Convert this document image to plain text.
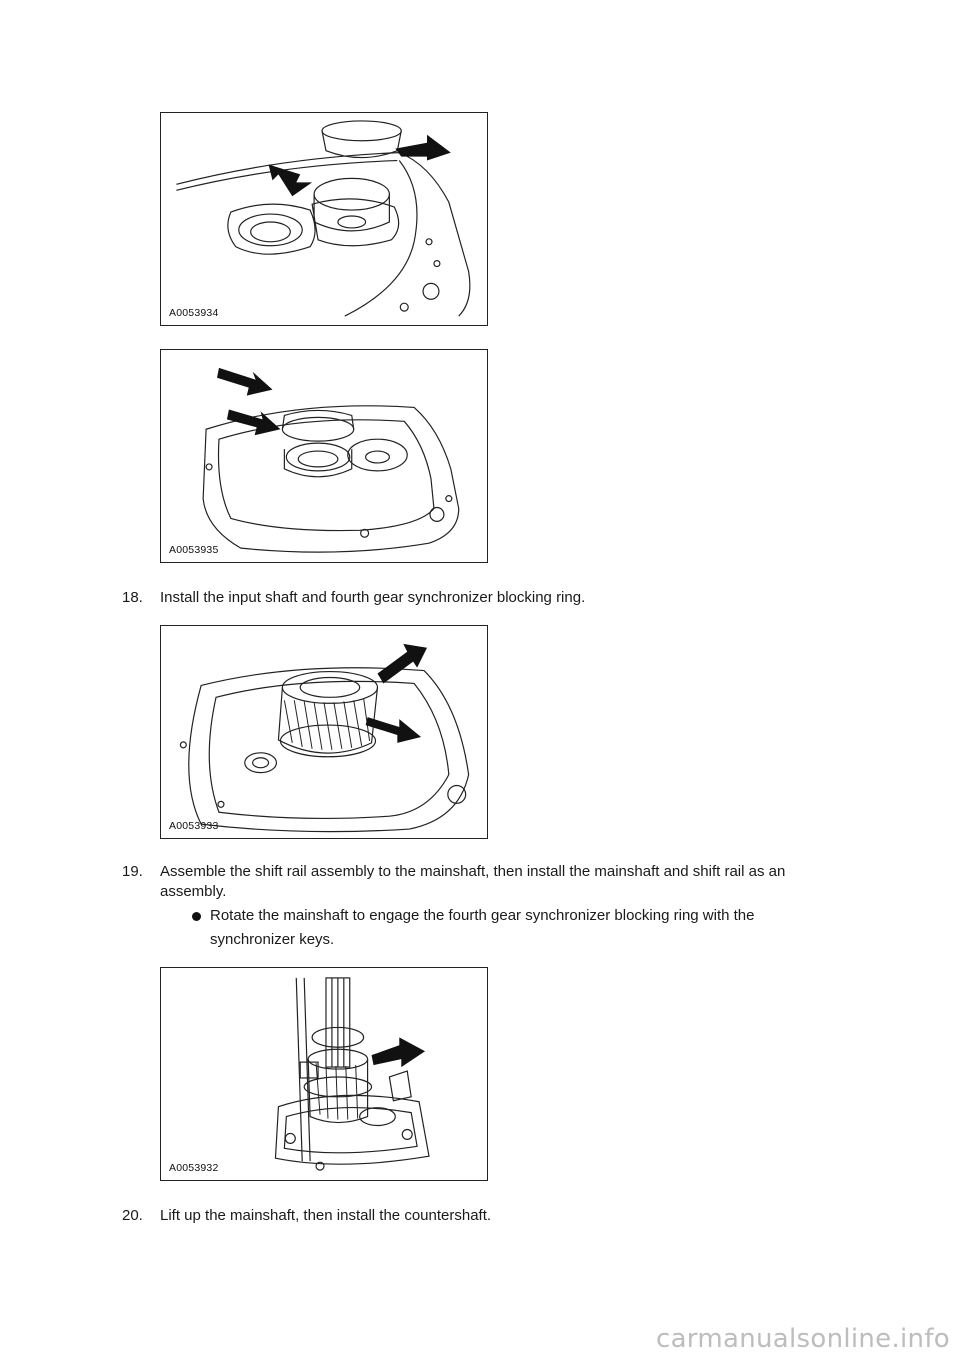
A0053934
A0053935
18. Install the input shaft and fourth gear synchronizer blocking ring.
A0053933
19. Assemble the shift rail assembly to the mainshaft, then install the mainshaft and shift rail as an assembly.
Rotate the mainshaft to engage the fourth gear synchronizer blocking ring with the synchronizer keys.
A0053932
20. Lift up the mainshaft, then install the countershaft.
carmanualsonline.info
